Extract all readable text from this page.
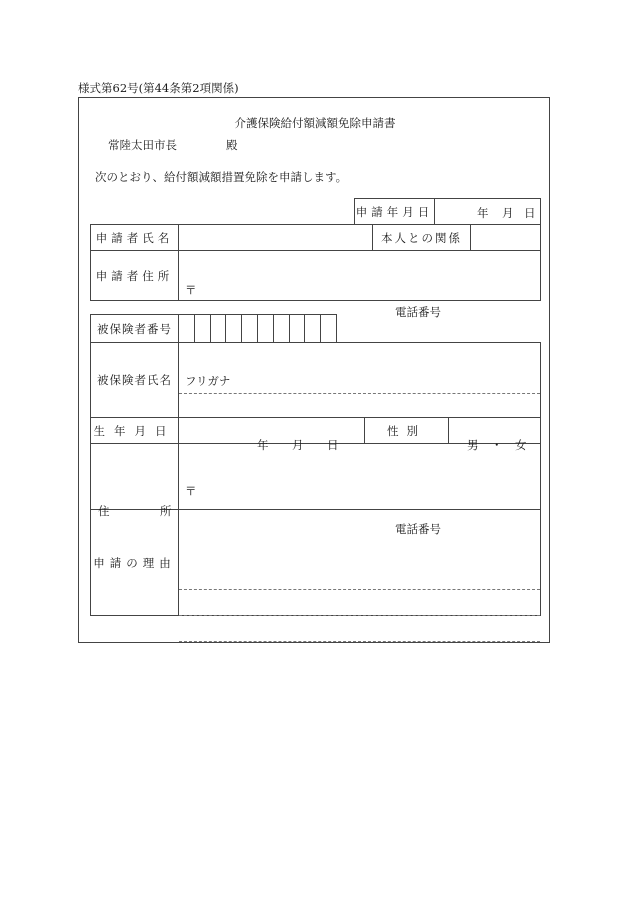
様式第62号(第44条第2項関係)
介護保険給付額減額免除申請書
常陸太田市長	殿
次のとおり、給付額減額措置免除を申請します。
申請年月日	年 月 日
申請者氏名		本人との関係	
申請者住所	〒
電話番号		
被保険者番号										
被保険者氏名	フリガナ		

生年月日	年 月 日	性別	男 ・ 女

住 所	〒
電話番号		

申請の理由			
